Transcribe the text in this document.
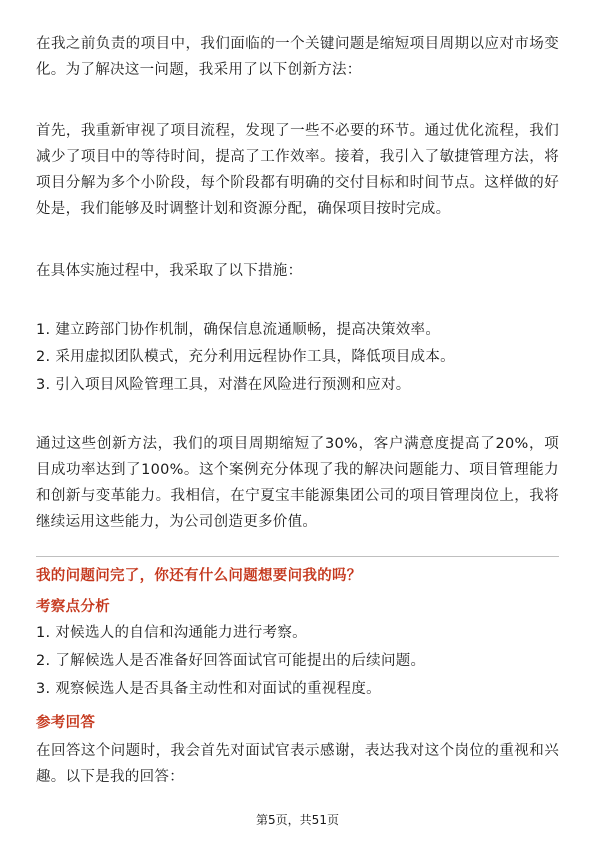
在我之前负责的项目中，我们面临的一个关键问题是缩短项目周期以应对市场变化。为了解决这一问题，我采用了以下创新方法：

首先，我重新审视了项目流程，发现了一些不必要的环节。通过优化流程，我们减少了项目中的等待时间，提高了工作效率。接着，我引入了敏捷管理方法，将项目分解为多个小阶段，每个阶段都有明确的交付目标和时间节点。这样做的好处是，我们能够及时调整计划和资源分配，确保项目按时完成。

在具体实施过程中，我采取了以下措施：

1. 建立跨部门协作机制，确保信息流通顺畅，提高决策效率。

2. 采用虚拟团队模式，充分利用远程协作工具，降低项目成本。

3. 引入项目风险管理工具，对潜在风险进行预测和应对。

通过这些创新方法，我们的项目周期缩短了30%，客户满意度提高了20%，项目成功率达到了100%。这个案例充分体现了我的解决问题能力、项目管理能力和创新与变革能力。我相信，在宁夏宝丰能源集团公司的项目管理岗位上，我将继续运用这些能力，为公司创造更多价值。

我的问题问完了，你还有什么问题想要问我的吗？
考察点分析

1. 对候选人的自信和沟通能力进行考察。

2. 了解候选人是否准备好回答面试官可能提出的后续问题。

3. 观察候选人是否具备主动性和对面试的重视程度。

参考回答

在回答这个问题时，我会首先对面试官表示感谢，表达我对这个岗位的重视和兴趣。以下是我的回答：

第5页，共51页
